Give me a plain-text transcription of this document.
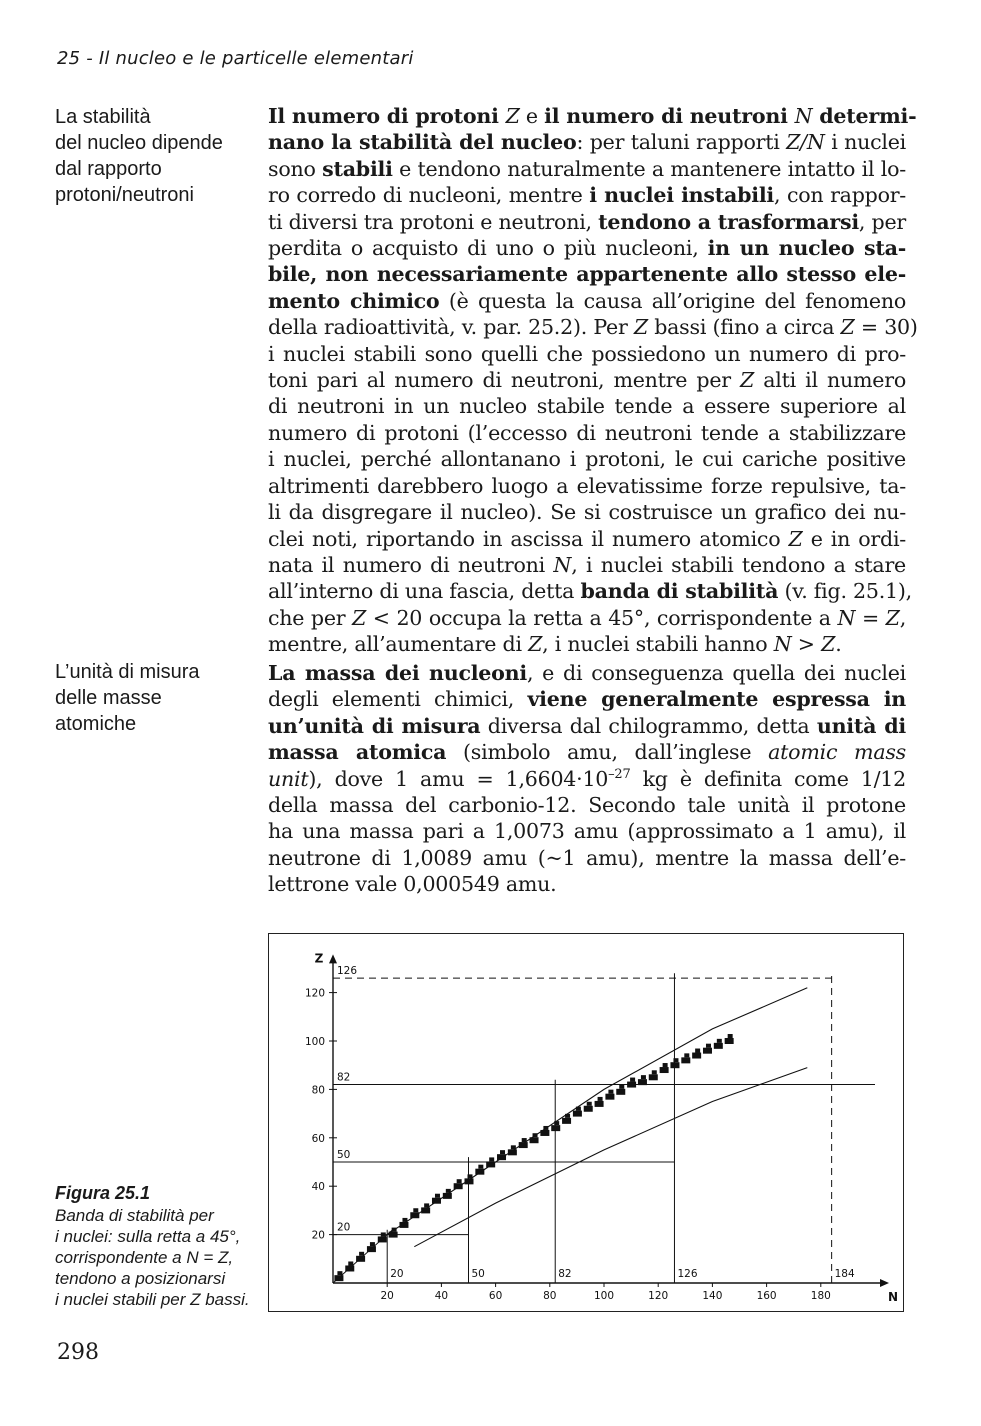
25 - Il nucleo e le particelle elementari
La stabilità
del nucleo dipende
dal rapporto
protoni/neutroni
L’unità di misura
delle masse
atomiche
Il numero di protoni Z e il numero di neutroni N determi-
nano la stabilità del nucleo: per taluni rapporti Z/N i nuclei
sono stabili e tendono naturalmente a mantenere intatto il lo-
ro corredo di nucleoni, mentre i nuclei instabili, con rappor-
ti diversi tra protoni e neutroni, tendono a trasformarsi, per
perdita o acquisto di uno o più nucleoni, in un nucleo sta-
bile, non necessariamente appartenente allo stesso ele-
mento chimico (è questa la causa all’origine del fenomeno
della radioattività, v. par. 25.2). Per Z bassi (fino a circa Z = 30)
i nuclei stabili sono quelli che possiedono un numero di pro-
toni pari al numero di neutroni, mentre per Z alti il numero
di neutroni in un nucleo stabile tende a essere superiore al
numero di protoni (l’eccesso di neutroni tende a stabilizzare
i nuclei, perché allontanano i protoni, le cui cariche positive
altrimenti darebbero luogo a elevatissime forze repulsive, ta-
li da disgregare il nucleo). Se si costruisce un grafico dei nu-
clei noti, riportando in ascissa il numero atomico Z e in ordi-
nata il numero di neutroni N, i nuclei stabili tendono a stare
all’interno di una fascia, detta banda di stabilità (v. fig. 25.1),
che per Z < 20 occupa la retta a 45°, corrispondente a N = Z,
mentre, all’aumentare di Z, i nuclei stabili hanno N > Z.
La massa dei nucleoni, e di conseguenza quella dei nuclei
degli elementi chimici, viene generalmente espressa in
un’unità di misura diversa dal chilogrammo, detta unità di
massa atomica (simbolo amu, dall’inglese atomic mass
unit), dove 1 amu = $1,6604\cdot 10^{-27}$ kg è definita come 1/12
della massa del carbonio-12. Secondo tale unità il protone
ha una massa pari a 1,0073 amu (approssimato a 1 amu), il
neutrone di 1,0089 amu (~1 amu), mentre la massa dell’e-
lettrone vale 0,000549 amu.
N
Z
20	40	60	80	100	120	140	160	180
20
40
60
80
100
120
20	50	82	126	184
20
50
82
126
Figura 25.1
Banda di stabilità per
i nuclei: sulla retta a 45°,
corrispondente a N = Z,
tendono a posizionarsi
i nuclei stabili per Z bassi.
298
